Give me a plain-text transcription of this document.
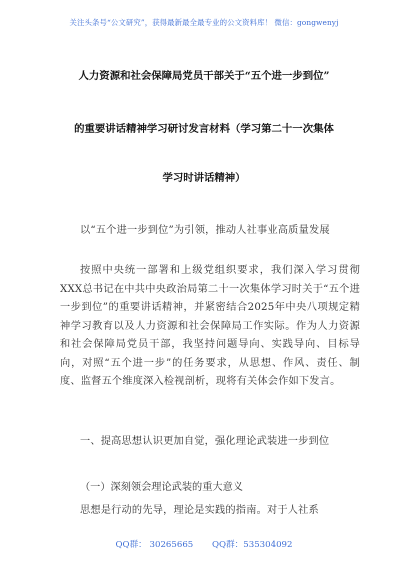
关注头条号“公文研究”，获得最新最全最专业的公文资料库！ 微信：gongwenyj
人力资源和社会保障局党员干部关于“五个进一步到位”
的重要讲话精神学习研讨发言材料（学习第二十一次集体
学习时讲话精神）
以“五个进一步到位”为引领，推动人社事业高质量发展
按照中央统一部署和上级党组织要求，我们深入学习贯彻XXX总书记在中共中央政治局第二十一次集体学习时关于“五个进一步到位”的重要讲话精神，并紧密结合2025年中央八项规定精神学习教育以及人力资源和社会保障局工作实际。作为人力资源和社会保障局党员干部，我坚持问题导向、实践导向、目标导向，对照“五个进一步”的任务要求，从思想、作风、责任、制度、监督五个维度深入检视剖析，现将有关体会作如下发言。
一、提高思想认识更加自觉，强化理论武装进一步到位
（一）深刻领会理论武装的重大意义
思想是行动的先导，理论是实践的指南。对于人社系
QQ群： 30265665 QQ群：535304092
